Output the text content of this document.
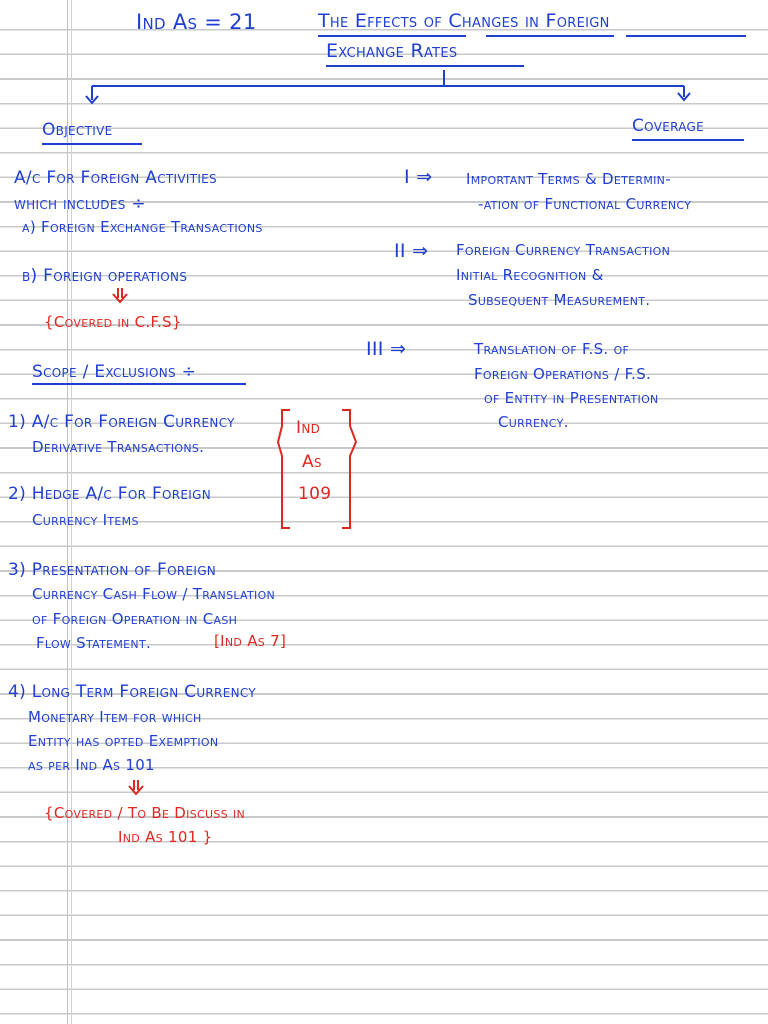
Ind As = 21	The Effects of Changes in Foreign
Exchange Rates
Objective
A/c For Foreign Activities
which includes ÷
a) Foreign Exchange Transactions
b) Foreign operations
{Covered in C.F.S}
Scope / Exclusions ÷
1) A/c For Foreign Currency
Derivative Transactions.
2) Hedge A/c For Foreign
Currency Items
Ind
As
109
3) Presentation of Foreign
Currency Cash Flow / Translation
of Foreign Operation in Cash
Flow Statement.	[Ind As 7]
4) Long Term Foreign Currency
Monetary Item for which
Entity has opted Exemption
as per Ind As 101
{Covered / To Be Discuss in
Ind As 101 }
Coverage
I ⇒ Important Terms & Determin-
-ation of Functional Currency
II ⇒ Foreign Currency Transaction
Initial Recognition &
Subsequent Measurement.
III ⇒	Translation of F.S. of
Foreign Operations / F.S.
of Entity in Presentation
Currency.
